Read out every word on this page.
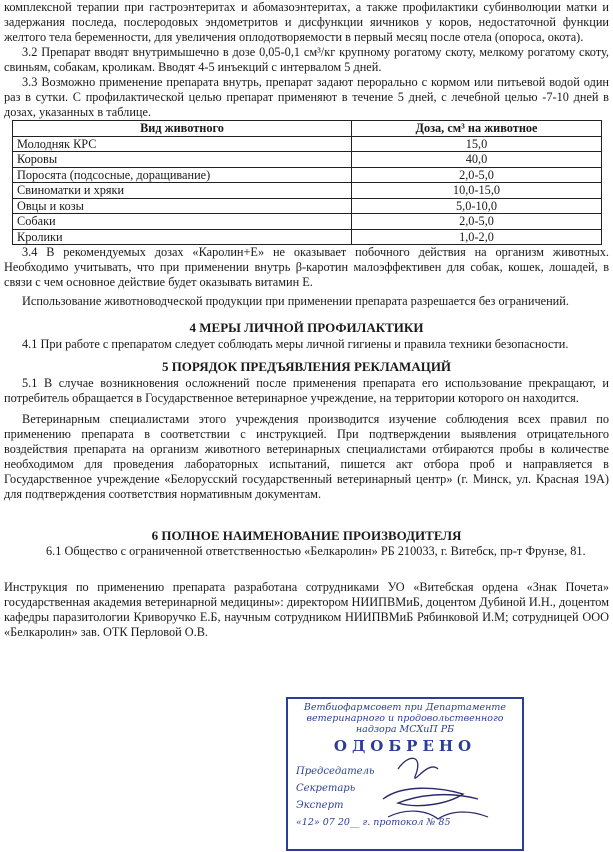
комплексной терапии при гастроэнтеритах и абомазоэнтеритах, а также профилактики субинволюции матки и задержания последа, послеродовых эндометритов и дисфункции яичников у коров, недостаточной функции желтого тела беременности, для увеличения оплодотворяемости в первый месяц после отела (опороса, окота).

3.2 Препарат вводят внутримышечно в дозе 0,05-0,1 см³/кг крупному рогатому скоту, мелкому рогатому скоту, свиньям, собакам, кроликам. Вводят 4-5 инъекций с интервалом 5 дней.

3.3 Возможно применение препарата внутрь, препарат задают перорально с кормом или питьевой водой один раз в сутки. С профилактической целью препарат применяют в течение 5 дней, с лечебной целью -7-10 дней в дозах, указанных в таблице.

Вид животного	Доза, см³ на животное
Молодняк КРС	15,0
Коровы	40,0
Поросята (подсосные, доращивание)	2,0-5,0
Свиноматки и хряки	10,0-15,0
Овцы и козы	5,0-10,0
Собаки	2,0-5,0
Кролики	1,0-2,0

3.4 В рекомендуемых дозах «Каролин+Е» не оказывает побочного действия на организм животных. Необходимо учитывать, что при применении внутрь β-каротин малоэффективен для собак, кошек, лошадей, в связи с чем основное действие будет оказывать витамин Е.

Использование животноводческой продукции при применении препарата разрешается без ограничений.

4 МЕРЫ ЛИЧНОЙ ПРОФИЛАКТИКИ

4.1 При работе с препаратом следует соблюдать меры личной гигиены и правила техники безопасности.

5 ПОРЯДОК ПРЕДЪЯВЛЕНИЯ РЕКЛАМАЦИЙ

5.1 В случае возникновения осложнений после применения препарата его использование прекращают, и потребитель обращается в Государственное ветеринарное учреждение, на территории которого он находится.

Ветеринарным специалистами этого учреждения производится изучение соблюдения всех правил по применению препарата в соответствии с инструкцией. При подтверждении выявления отрицательного воздействия препарата на организм животного ветеринарных специалистами отбираются пробы в количестве необходимом для проведения лабораторных испытаний, пишется акт отбора проб и направляется в Государственное учреждение «Белорусский государственный ветеринарный центр» (г. Минск, ул. Красная 19А) для подтверждения соответствия нормативным документам.

6 ПОЛНОЕ НАИМЕНОВАНИЕ ПРОИЗВОДИТЕЛЯ

6.1 Общество с ограниченной ответственностью «Белкаролин» РБ 210033, г. Витебск, пр-т Фрунзе, 81.

Инструкция по применению препарата разработана сотрудниками УО «Витебская ордена «Знак Почета» государственная академия ветеринарной медицины»: директором НИИПВМиБ, доцентом Дубиной И.Н., доцентом кафедры паразитологии Криворучко Е.Б, научным сотрудником НИИПВМиБ Рябинковой И.М; сотрудницей ООО «Белкаролин» зав. ОТК Перловой О.В.

Ветбиофармсовет при Департаменте ветеринарного и продовольственного надзора МСХиП РБ
ОДОБРЕНО
Председатель
Секретарь
Эксперт
«12» 07 20__ г. протокол № 85
